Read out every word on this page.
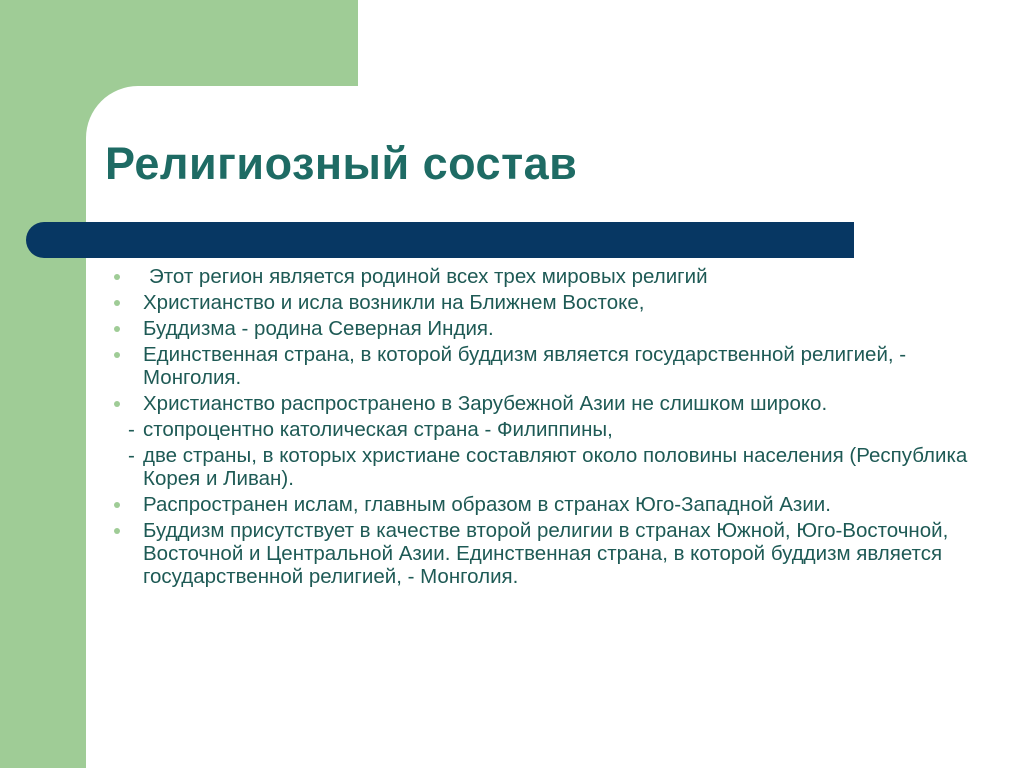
Религиозный состав
Этот регион является родиной всех трех мировых религий
Христианство и исла возникли на Ближнем Востоке,
Буддизма - родина Северная Индия.
Единственная страна, в которой буддизм является государственной религией, - Монголия.
Христианство распространено в Зарубежной Азии не слишком широко.
- стопроцентно католическая страна - Филиппины,
- две страны, в которых христиане составляют около половины населения (Республика Корея и Ливан).
Распространен ислам, главным образом в странах Юго-Западной Азии.
Буддизм присутствует в качестве второй религии в странах Южной, Юго-Восточной, Восточной и Центральной Азии. Единственная страна, в которой буддизм является государственной религией, - Монголия.
